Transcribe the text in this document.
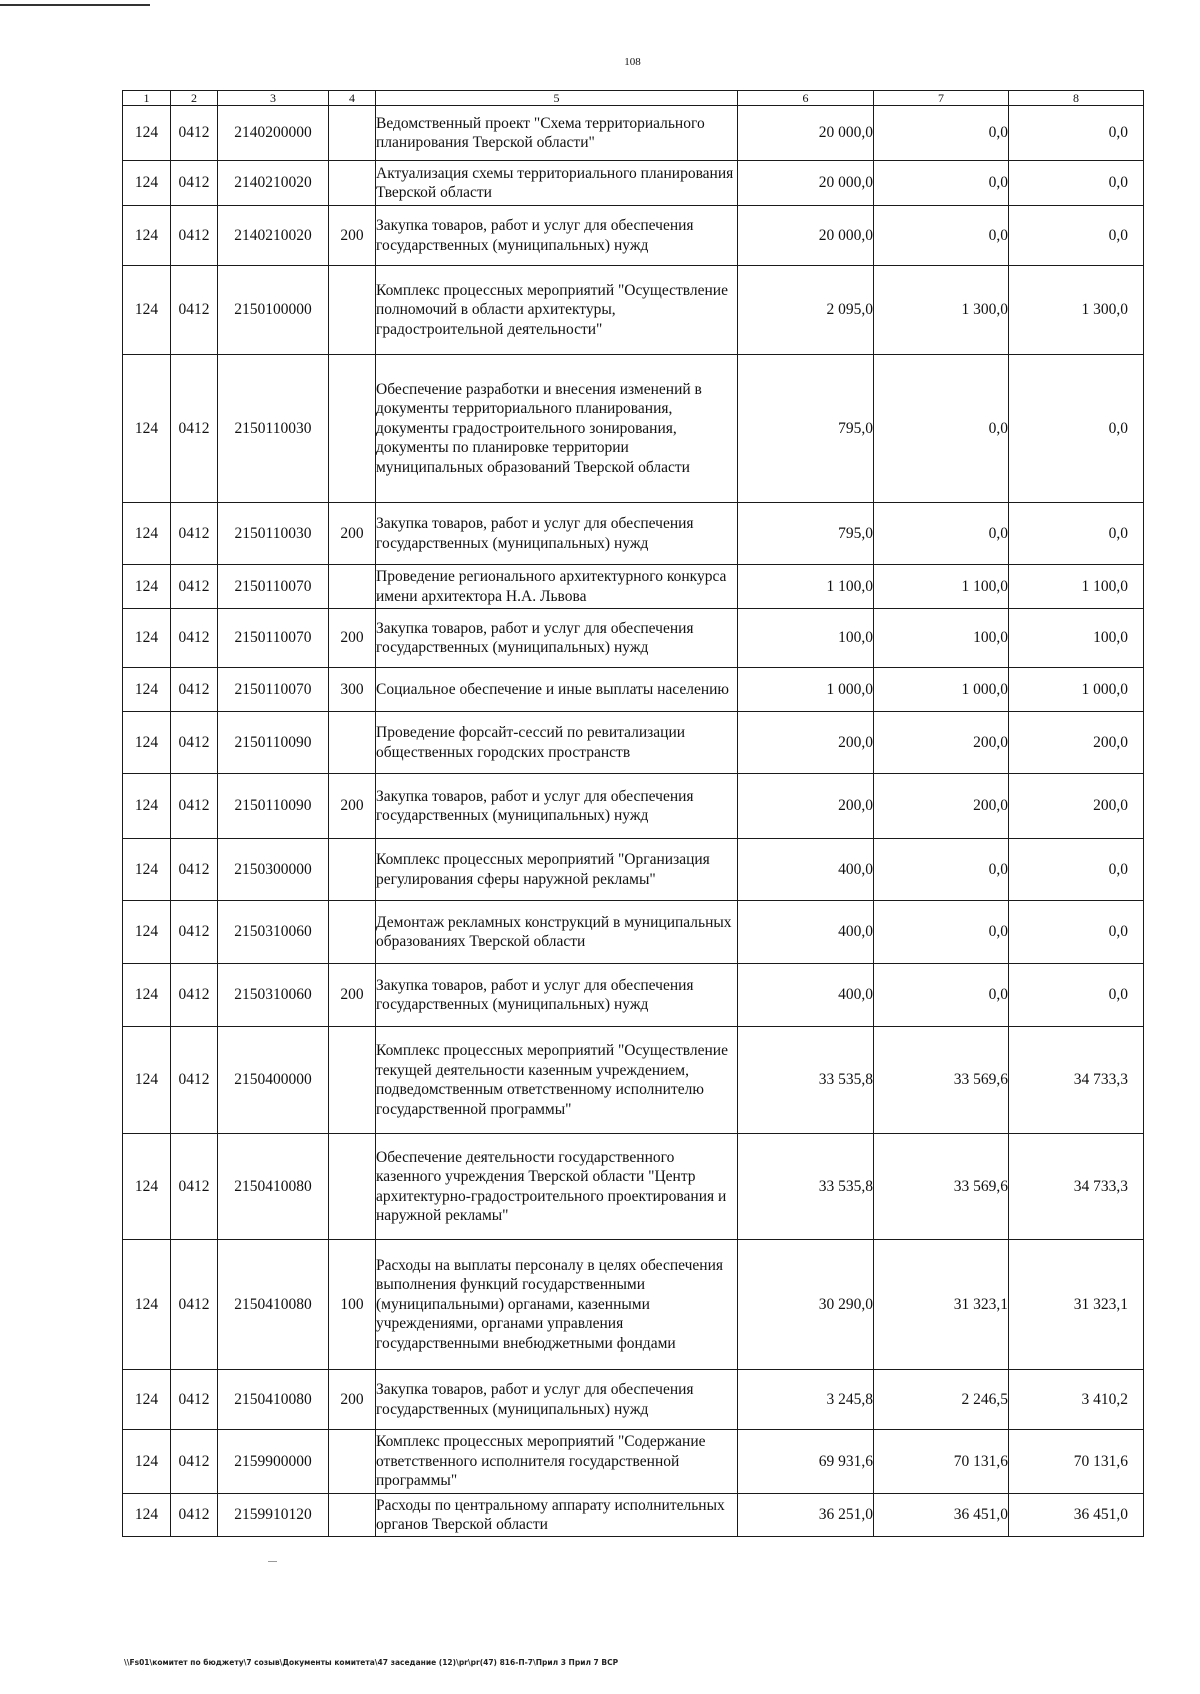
108
1	2	3	4	5	6	7	8
124	0412	2140200000		Ведомственный проект "Схема территориального планирования Тверской области"	20 000,0	0,0	0,0
124	0412	2140210020		Актуализация схемы территориального планирования Тверской области	20 000,0	0,0	0,0
124	0412	2140210020	200	Закупка товаров, работ и услуг для обеспечения государственных (муниципальных) нужд	20 000,0	0,0	0,0
124	0412	2150100000		Комплекс процессных мероприятий "Осуществление полномочий в области архитектуры, градостроительной деятельности"	2 095,0	1 300,0	1 300,0
124	0412	2150110030		Обеспечение разработки и внесения изменений в документы территориального планирования, документы градостроительного зонирования, документы по планировке территории муниципальных образований Тверской области	795,0	0,0	0,0
124	0412	2150110030	200	Закупка товаров, работ и услуг для обеспечения государственных (муниципальных) нужд	795,0	0,0	0,0
124	0412	2150110070		Проведение регионального архитектурного конкурса имени архитектора Н.А. Львова	1 100,0	1 100,0	1 100,0
124	0412	2150110070	200	Закупка товаров, работ и услуг для обеспечения государственных (муниципальных) нужд	100,0	100,0	100,0
124	0412	2150110070	300	Социальное обеспечение и иные выплаты населению	1 000,0	1 000,0	1 000,0
124	0412	2150110090		Проведение форсайт-сессий по ревитализации общественных городских пространств	200,0	200,0	200,0
124	0412	2150110090	200	Закупка товаров, работ и услуг для обеспечения государственных (муниципальных) нужд	200,0	200,0	200,0
124	0412	2150300000		Комплекс процессных мероприятий "Организация регулирования сферы наружной рекламы"	400,0	0,0	0,0
124	0412	2150310060		Демонтаж рекламных конструкций в муниципальных образованиях Тверской области	400,0	0,0	0,0
124	0412	2150310060	200	Закупка товаров, работ и услуг для обеспечения государственных (муниципальных) нужд	400,0	0,0	0,0
124	0412	2150400000		Комплекс процессных мероприятий "Осуществление текущей деятельности казенным учреждением, подведомственным ответственному исполнителю государственной программы"	33 535,8	33 569,6	34 733,3
124	0412	2150410080		Обеспечение деятельности государственного казенного учреждения Тверской области "Центр архитектурно-градостроительного проектирования и наружной рекламы"	33 535,8	33 569,6	34 733,3
124	0412	2150410080	100	Расходы на выплаты персоналу в целях обеспечения выполнения функций государственными (муниципальными) органами, казенными учреждениями, органами управления государственными внебюджетными фондами	30 290,0	31 323,1	31 323,1
124	0412	2150410080	200	Закупка товаров, работ и услуг для обеспечения государственных (муниципальных) нужд	3 245,8	2 246,5	3 410,2
124	0412	2159900000		Комплекс процессных мероприятий "Содержание ответственного исполнителя государственной программы"	69 931,6	70 131,6	70 131,6
124	0412	2159910120		Расходы по центральному аппарату исполнительных органов Тверской области	36 251,0	36 451,0	36 451,0
\\Fs01\комитет по бюджету\7 созыв\Документы комитета\47 заседание (12)\pr\pr(47) 816-П-7\Прил 3 Прил 7 ВСР
